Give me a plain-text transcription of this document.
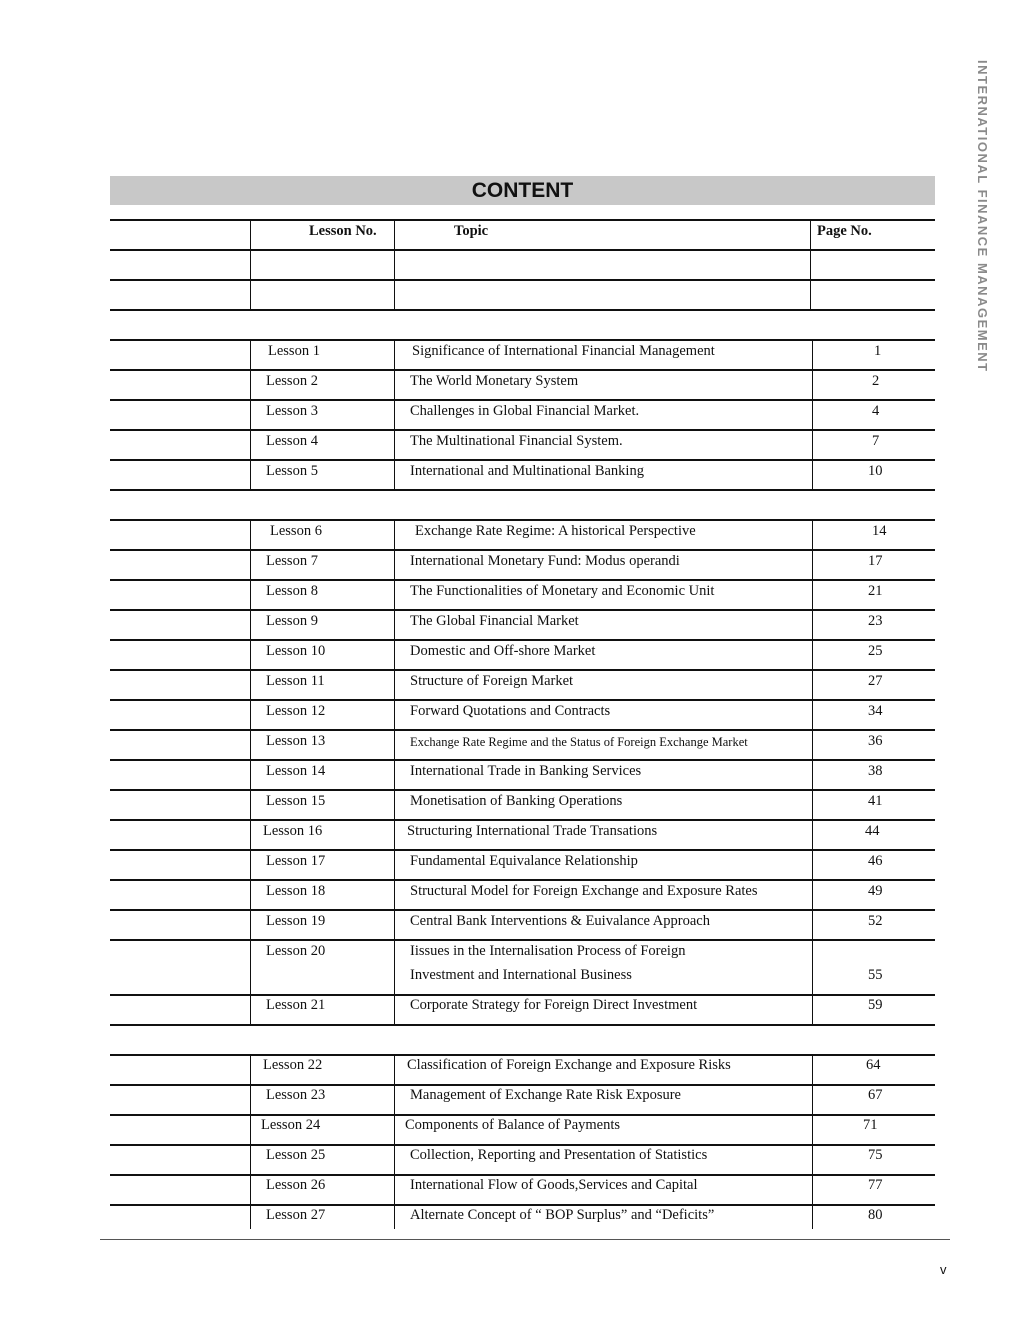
INTERNATIONAL FINANCE MANAGEMENT
CONTENT
Lesson No.	Topic	Page No.
Lesson 1	Significance of International Financial Management	1
Lesson 2	The World Monetary System	2
Lesson 3	Challenges in Global Financial Market.	4
Lesson 4	The Multinational Financial System.	7
Lesson 5	International and Multinational Banking	10
Lesson 6	Exchange Rate Regime: A historical Perspective	14
Lesson 7	International Monetary Fund: Modus operandi	17
Lesson 8	The Functionalities of Monetary and Economic Unit	21
Lesson 9	The Global Financial Market	23
Lesson 10	Domestic and Off-shore Market	25
Lesson 11	Structure of Foreign Market	27
Lesson 12	Forward Quotations and Contracts	34
Lesson 13	Exchange Rate Regime and the Status of Foreign Exchange Market	36
Lesson 14	International Trade in Banking Services	38
Lesson 15	Monetisation of Banking Operations	41
Lesson 16	Structuring International Trade Transations	44
Lesson 17	Fundamental Equivalance Relationship	46
Lesson 18	Structural Model for Foreign Exchange and Exposure Rates	49
Lesson 19	Central Bank Interventions & Euivalance Approach	52
Lesson 20	Iissues in the Internalisation Process of Foreign
Investment and International Business	55
Lesson 21	Corporate Strategy for Foreign Direct Investment	59
Lesson 22	Classification of Foreign Exchange and Exposure Risks	64
Lesson 23	Management of Exchange Rate Risk Exposure	67
Lesson 24	Components of Balance of Payments	71
Lesson 25	Collection, Reporting and Presentation of Statistics	75
Lesson 26	International Flow of Goods,Services and Capital	77
Lesson 27	Alternate Concept of “ BOP Surplus” and “Deficits”	80
v
